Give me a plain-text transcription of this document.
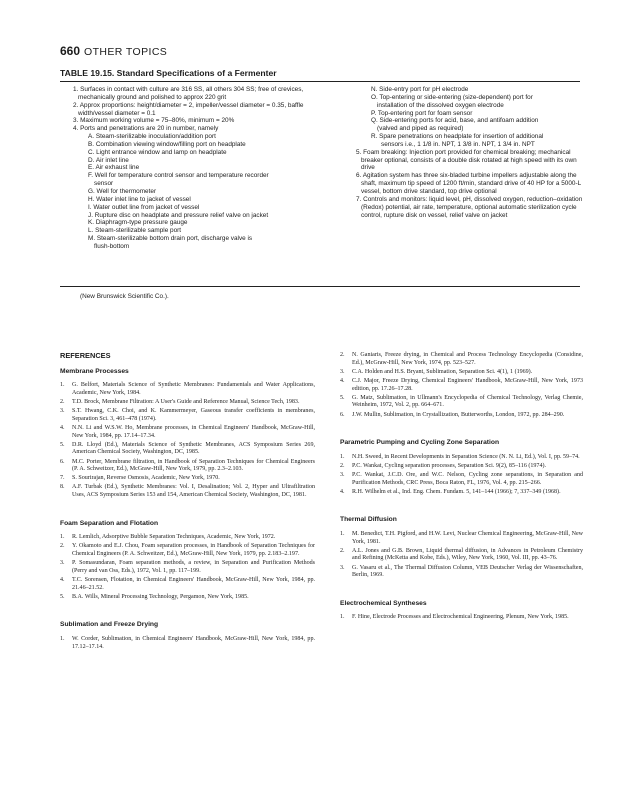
660 OTHER TOPICS
TABLE 19.15. Standard Specifications of a Fermenter

1. Surfaces in contact with culture are 316 SS, all others 304 SS; free of crevices, mechanically ground and polished to approx 220 grit

2. Approx proportions: height/diameter = 2, impeller/vessel diameter = 0.35, baffle width/vessel diameter = 0.1

3. Maximum working volume = 75–80%, minimum = 20%

4. Ports and penetrations are 20 in number, namely

A. Steam-sterilizable inoculation/addition port

B. Combination viewing window/filling port on headplate

C. Light entrance window and lamp on headplate

D. Air inlet line

E. Air exhaust line

F. Well for temperature control sensor and temperature recorder

sensor

G. Well for thermometer

H. Water inlet line to jacket of vessel

I. Water outlet line from jacket of vessel

J. Rupture disc on headplate and pressure relief valve on jacket

K. Diaphragm-type pressure gauge

L. Steam-sterilizable sample port

M. Steam-sterilizable bottom drain port, discharge valve is

flush-bottom

N. Side-entry port for pH electrode

O. Top-entering or side-entering (size-dependent) port for

installation of the dissolved oxygen electrode

P. Top-entering port for foam sensor

Q. Side-entering ports for acid, base, and antifoam addition

(valved and piped as required)

R. Spare penetrations on headplate for insertion of additional

sensors i.e., 1 1/8 in. NPT, 1 3/8 in. NPT, 1 3/4 in. NPT

5. Foam breaking: Injection port provided for chemical breaking; mechanical breaker optional, consists of a double disk rotated at high speed with its own drive

6. Agitation system has three six-bladed turbine impellers adjustable along the shaft, maximum tip speed of 1200 ft/min, standard drive of 40 HP for a 5000-L vessel, bottom drive standard, top drive optional

7. Controls and monitors: liquid level, pH, dissolved oxygen, reduction–oxidation (Redox) potential, air rate, temperature, optional automatic sterilization cycle control, rupture disk on vessel, relief valve on jacket

(New Brunswick Scientific Co.).
REFERENCES
Membrane Processes
1. G. Belfort, Materials Science of Synthetic Membranes: Fundamentals and Water Applications, Academic, New York, 1984.
2. T.D. Brock, Membrane Filtration: A User's Guide and Reference Manual, Science Tech, 1983.
3. S.T. Hwang, C.K. Choi, and K. Kammermeyer, Gaseous transfer coefficients in membranes, Separation Sci. 3, 461–478 (1974).
4. N.N. Li and W.S.W. Ho, Membrane processes, in Chemical Engineers' Handbook, McGraw-Hill, New York, 1984, pp. 17.14–17.34.
5. D.R. Lloyd (Ed.), Materials Science of Synthetic Membranes, ACS Symposium Series 269, American Chemical Society, Washington, DC, 1985.
6. M.C. Porter, Membrane filtration, in Handbook of Separation Techniques for Chemical Engineers (P. A. Schweitzer, Ed.), McGraw-Hill, New York, 1979, pp. 2.3–2.103.
7. S. Sourirajan, Reverse Osmosis, Academic, New York, 1970.
8. A.F. Turbak (Ed.), Synthetic Membranes: Vol. I, Desalination; Vol. 2, Hyper and Ultrafiltration Uses, ACS Symposium Series 153 and 154, American Chemical Society, Washington, DC, 1981.
Foam Separation and Flotation
1. R. Lemlich, Adsorptive Bubble Separation Techniques, Academic, New York, 1972.
2. Y. Okamoto and E.J. Chou, Foam separation processes, in Handbook of Separation Techniques for Chemical Engineers (P. A. Schweitzer, Ed.), McGraw-Hill, New York, 1979, pp. 2.183–2.197.
3. P. Somasundaran, Foam separation methods, a review, in Separation and Purification Methods (Perry and van Oss, Eds.), 1972, Vol. 1, pp. 117–199.
4. T.C. Sorensen, Flotation, in Chemical Engineers' Handbook, McGraw-Hill, New York, 1984, pp. 21.46–21.52.
5. B.A. Wills, Mineral Processing Technology, Pergamon, New York, 1985.
Sublimation and Freeze Drying
1. W. Corder, Sublimation, in Chemical Engineers' Handbook, McGraw-Hill, New York, 1984, pp. 17.12–17.14.
2. N. Ganiaris, Freeze drying, in Chemical and Process Technology Encyclopedia (Considine, Ed.), McGraw-Hill, New York, 1974, pp. 523–527.
3. C.A. Holden and H.S. Bryant, Sublimation, Separation Sci. 4(1), 1 (1969).
4. C.J. Major, Freeze Drying, Chemical Engineers' Handbook, McGraw-Hill, New York, 1973 edition, pp. 17.26–17.28.
5. G. Matz, Sublimation, in Ullmann's Encyclopedia of Chemical Technology, Verlag Chemie, Weinheim, 1972, Vol. 2, pp. 664–671.
6. J.W. Mullin, Sublimation, in Crystallization, Butterworths, London, 1972, pp. 284–290.
Parametric Pumping and Cycling Zone Separation
1. N.H. Sweed, in Recent Developments in Separation Science (N. N. Li, Ed.), Vol. I, pp. 59–74.
2. P.C. Wankat, Cycling separation processes, Separation Sci. 9(2), 85–116 (1974).
3. P.C. Wankat, J.C.D. Ore, and W.C. Nelson, Cycling zone separations, in Separation and Purification Methods, CRC Press, Boca Raton, FL, 1976, Vol. 4, pp. 215–266.
4. R.H. Wilhelm et al., Ind. Eng. Chem. Fundam. 5, 141–144 (1966); 7, 337–349 (1968).
Thermal Diffusion
1. M. Benedict, T.H. Pigford, and H.W. Levi, Nuclear Chemical Engineering, McGraw-Hill, New York, 1981.
2. A.L. Jones and G.B. Brown, Liquid thermal diffusion, in Advances in Petroleum Chemistry and Refining (McKetta and Kobe, Eds.), Wiley, New York, 1960, Vol. III, pp. 43–76.
3. G. Vasaru et al., The Thermal Diffusion Column, VEB Deutscher Verlag der Wissenschaften, Berlin, 1969.
Electrochemical Syntheses
1. F. Hine, Electrode Processes and Electrochemical Engineering, Plenum, New York, 1985.
